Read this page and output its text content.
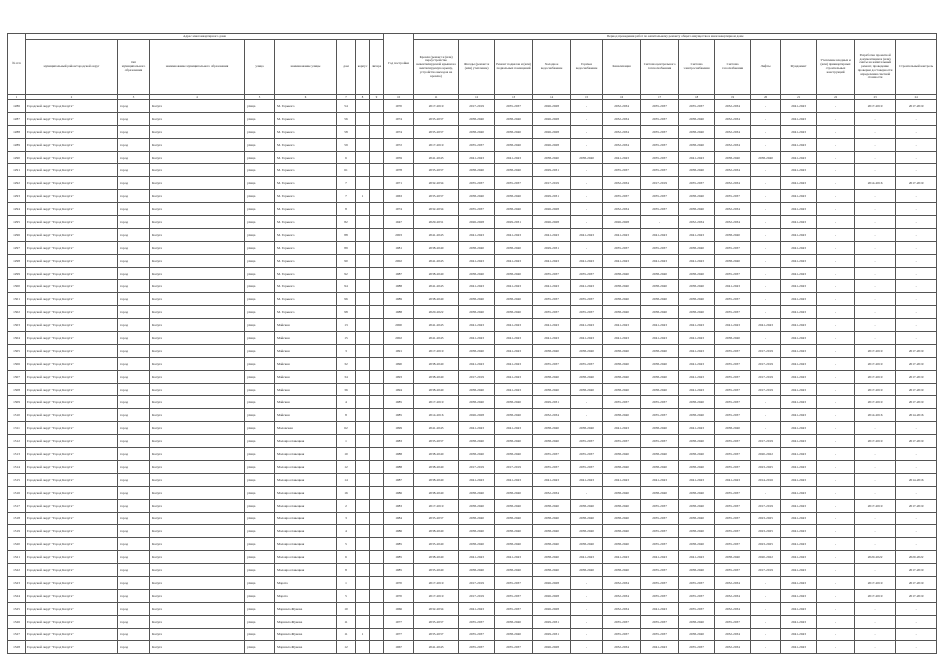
№ п/п	Адрес многоквартирного дома								Год постройки	Период проведения работ по капитальному ремонту общего имущества в многоквартирном доме													
	муниципальный район/городской округ	тип муниципального образования	наименование муниципального образования	улица	наименование улицы	дом	корпус	литера		Кровля (ремонт и (или) переустройство невентилируемой крыши на вентилируемую крышу, устройство выходов на кровлю)	Фасады (ремонт и (или) утепление)	Ремонт подвалов и (или) подвальных помещений	Холодное водоснабжение	Горячее водоснабжение	Канализация	Система центрального теплоснабжения	Система электроснабжения	Система газоснабжения	Лифты	Фундамент	Утепление входных и (или) приквартирных строительных конструкций	Разработка проектной документации и (или) сметы на капитальный ремонт, проведение проверки достоверности определения сметной стоимости	Строительный контроль
1	2	3	4	5	6	7	8	9	10	11	12	13	14	15	16	17	18	19	20	21	22	23	24
1286	Городской округ "Город Калуга"	город	Калуга	улица	М. Горького	54			1970	2017-2019	2017-2019	2035-2037	2026-2028	-	2032-2034	2035-2037	2035-2037	2032-2034	-	2041-2043	-	2017-2019	2017-2019
1287	Городской округ "Город Калуга"	город	Калуга	улица	М. Горького	56			1974	2035-2037	2038-2040	2038-2040	2026-2028	-	2032-2034	2035-2037	2038-2040	2032-2034	-	2041-2043	-	-	-
1288	Городской округ "Город Калуга"	город	Калуга	улица	М. Горького	58			1974	2035-2037	2038-2040	2038-2040	2026-2028	-	2032-2034	2035-2037	2038-2040	2032-2034	-	2041-2043	-	-	-
1289	Городской округ "Город Калуга"	город	Калуга	улица	М. Горького	59			1972	2017-2019	2035-2037	2038-2040	2026-2028	-	2032-2034	2035-2037	2038-2040	2032-2034	-	2041-2043	-	-	-
1290	Городской округ "Город Калуга"	город	Калуга	улица	М. Горького	6			1959	2041-2043	2041-2043	2041-2043	2038-2040	2038-2040	2041-2043	2035-2037	2041-2043	2038-2040	2038-2040	2041-2043	-	-	-
1291	Городской округ "Город Калуга"	город	Калуга	улица	М. Горького	61			1978	2035-2037	2038-2040	2038-2040	2029-2031	-	2035-2037	2035-2037	2038-2040	2032-2034	-	2041-2043	-	-	-
1292	Городской округ "Город Калуга"	город	Калуга	улица	М. Горького	7			1971	2032-2034	2035-2037	2035-2037	2017-2019	-	2032-2034	2017-2019	2035-2037	2032-2034	-	2041-2043	-	2014-2016	2017-2019
1293	Городской округ "Город Калуга"	город	Калуга	улица	М. Горького	7	1		1963	2035-2037	2038-2040	2038-2040	2029-2031	-	2035-2037	2035-2037	2038-2040	2035-2037	-	2041-2043	-	-	-
1294	Городской округ "Город Калуга"	город	Калуга	улица	М. Горького	8			1974	2032-2034	2035-2037	2038-2040	2026-2028	-	2032-2034	2035-2037	2038-2040	2032-2034	-	2041-2043	-	-	-
1295	Городской округ "Город Калуга"	город	Калуга	улица	М. Горького	82			1947	2029-2031	2026-2028	2029-2031	2026-2028	-	2026-2028	-	2032-2034	2032-2034	-	2041-2043	-	-	-
1296	Городской округ "Город Калуга"	город	Калуга	улица	М. Горького	88			2003	2041-2043	2041-2043	2041-2043	2041-2043	2041-2043	2041-2043	2041-2043	2041-2043	2038-2040	-	2041-2043	-	-	-
1297	Городской округ "Город Калуга"	город	Калуга	улица	М. Горького	89			1981	2038-2040	2038-2040	2038-2040	2029-2031	-	2035-2037	2035-2037	2038-2040	2035-2037	-	2041-2043	-	-	-
1298	Городской округ "Город Калуга"	город	Калуга	улица	М. Горького	90			2002	2041-2043	2041-2043	2041-2043	2041-2043	2041-2043	2041-2043	2041-2043	2041-2043	2038-2040	-	2041-2043	-	-	-
1299	Городской округ "Город Калуга"	город	Калуга	улица	М. Горького	92			1987	2038-2040	2038-2040	2038-2040	2035-2037	2035-2037	2038-2040	2038-2040	2038-2040	2035-2037	-	2041-2043	-	-	-
1300	Городской округ "Город Калуга"	город	Калуга	улица	М. Горького	94			1988	2041-2043	2041-2043	2041-2043	2041-2043	2041-2043	2038-2040	2038-2040	2038-2040	2041-2043	-	2041-2043	-	-	-
1301	Городской округ "Город Калуга"	город	Калуга	улица	М. Горького	96			1989	2038-2040	2038-2040	2038-2040	2035-2037	2035-2037	2038-2040	2038-2040	2038-2040	2035-2037	-	2041-2043	-	-	-
1302	Городской округ "Город Калуга"	город	Калуга	улица	М. Горького	98			1988	2020-2022	2038-2040	2038-2040	2035-2037	2035-2037	2038-2040	2038-2040	2038-2040	2035-2037	-	2041-2043	-	-	-
1303	Городской округ "Город Калуга"	город	Калуга	улица	Майская	13			2000	2041-2043	2041-2043	2041-2043	2041-2043	2041-2043	2041-2043	2041-2043	2041-2043	2041-2043	2041-2043	2041-2043	-	-	-
1304	Городской округ "Город Калуга"	город	Калуга	улица	Майская	15			2002	2041-2043	2041-2043	2041-2043	2041-2043	2041-2043	2041-2043	2041-2043	2041-2043	2038-2040	-	2041-2043	-	-	-
1305	Городской округ "Город Калуга"	город	Калуга	улица	Майская	3			1991	2017-2019	2038-2040	2041-2043	2038-2040	2038-2040	2038-2040	2038-2040	2041-2043	2035-2037	2017-2019	2041-2043	-	2017-2019	2017-2019
1306	Городской округ "Город Калуга"	город	Калуга	улица	Майская	32			1990	2038-2040	2041-2043	2041-2043	2035-2037	2035-2037	2038-2040	2038-2040	2041-2043	2035-2037	2017-2019	2041-2043	-	2017-2019	2017-2019
1307	Городской округ "Город Калуга"	город	Калуга	улица	Майская	34			1993	2038-2040	2017-2019	2041-2043	2038-2040	2038-2040	2038-2040	2038-2040	2041-2043	2035-2037	2017-2019	2041-2043	-	2017-2019	2017-2019
1308	Городской округ "Город Калуга"	город	Калуга	улица	Майская	36			1994	2038-2040	2038-2040	2041-2043	2038-2040	2038-2040	2038-2040	2038-2040	2041-2043	2035-2037	2017-2019	2041-2043	-	2017-2019	2017-2019
1309	Городской округ "Город Калуга"	город	Калуга	улица	Майская	4			1985	2017-2019	2038-2040	2038-2040	2029-2031	-	2035-2037	2035-2037	2038-2040	2035-2037	-	2041-2043	-	2017-2019	2017-2019
1310	Городской округ "Город Калуга"	город	Калуга	улица	Майская	8			1985	2014-2016	2026-2028	2038-2040	2032-2034	-	2038-2040	2035-2037	2038-2040	2035-2037	-	2041-2043	-	2014-2016	2014-2016
1311	Городской округ "Город Калуга"	город	Калуга	улица	Маловская	62			1999	2041-2043	2041-2043	2041-2043	2038-2040	2038-2040	2041-2043	2038-2040	2041-2043	2038-2040	-	2041-2043	-	-	-
1312	Городской округ "Город Калуга"	город	Калуга	улица	Малоярославецкая	1			1983	2035-2037	2038-2040	2038-2040	2038-2040	2035-2037	2035-2037	2035-2037	2038-2040	2035-2037	2017-2019	2041-2043	-	2017-2019	2017-2019
1313	Городской округ "Город Калуга"	город	Калуга	улица	Малоярославецкая	10			1988	2038-2040	2038-2040	2038-2040	2035-2037	2035-2037	2038-2040	2038-2040	2038-2040	2035-2037	2020-2022	2041-2043	-	-	-
1314	Городской округ "Город Калуга"	город	Калуга	улица	Малоярославецкая	12			1988	2038-2040	2017-2019	2017-2019	2035-2037	2035-2037	2038-2040	2038-2040	2038-2040	2035-2037	2023-2025	2041-2043	-	-	-
1315	Городской округ "Город Калуга"	город	Калуга	улица	Малоярославецкая	14			1987	2038-2040	2041-2043	2041-2043	2041-2043	2041-2043	2041-2043	2041-2043	2041-2043	2041-2043	2014-2016	2041-2043	-	-	2014-2016
1316	Городской округ "Город Калуга"	город	Калуга	улица	Малоярославецкая	16			1986	2038-2040	2038-2040	2038-2040	2032-2034	-	2038-2040	2038-2040	2038-2040	2035-2037	-	2041-2043	-	-	-
1317	Городской округ "Город Калуга"	город	Калуга	улица	Малоярославецкая	2			1983	2017-2019	2038-2040	2038-2040	2038-2040	2038-2040	2038-2040	2035-2037	2038-2040	2035-2037	2017-2019	2041-2043	-	2017-2019	2017-2019
1318	Городской округ "Город Калуга"	город	Калуга	улица	Малоярославецкая	3			1984	2035-2037	2038-2040	2038-2040	2038-2040	2038-2040	2038-2040	2035-2037	2038-2040	2035-2037	2023-2025	2041-2043	-	-	-
1319	Городской округ "Город Калуга"	город	Калуга	улица	Малоярославецкая	4			1986	2038-2040	2038-2040	2038-2040	2038-2040	2038-2040	2038-2040	2035-2037	2038-2040	2035-2037	2023-2025	2041-2043	-	-	-
1320	Городской округ "Город Калуга"	город	Калуга	улица	Малоярославецкая	5			1985	2035-2040	2038-2040	2038-2040	2038-2040	2038-2040	2038-2040	2035-2037	2038-2040	2035-2037	2023-2025	2041-2043	-	-	-
1321	Городской округ "Город Калуга"	город	Калуга	улица	Малоярославецкая	6			1985	2038-2040	2041-2043	2041-2043	2038-2040	2041-2043	2041-2043	2041-2043	2041-2043	2038-2040	2020-2022	2041-2043	-	2020-2022	2020-2022
1322	Городской округ "Город Калуга"	город	Калуга	улица	Малоярославецкая	8			1985	2035-2040	2038-2040	2038-2040	2038-2040	2038-2040	2038-2040	2035-2037	2038-2040	2035-2037	2017-2019	2041-2043	-	-	2017-2019
1323	Городской округ "Город Калуга"	город	Калуга	улица	Марата	1			1970	2017-2019	2017-2019	2035-2037	2026-2028	-	2032-2034	2035-2037	2035-2037	2032-2034	-	2041-2043	-	2017-2019	2017-2019
1324	Городской округ "Город Калуга"	город	Калуга	улица	Марата	5			1970	2017-2019	2017-2019	2035-2037	2026-2028	-	2032-2034	2035-2037	2035-2037	2032-2034	-	2041-2043	-	2017-2019	2017-2019
1325	Городской округ "Город Калуга"	город	Калуга	улица	Маршала Жукова	10			1966	2032-2034	2041-2043	2035-2037	2026-2028	-	2032-2034	2041-2043	2035-2037	2032-2034	-	2041-2043	-	-	-
1326	Городской округ "Город Калуга"	город	Калуга	улица	Маршала Жукова	11			1977	2035-2037	2035-2037	2038-2040	2029-2031	-	2035-2037	2035-2037	2038-2040	2035-2037	-	2041-2043	-	-	-
1327	Городской округ "Город Калуга"	город	Калуга	улица	Маршала Жукова	11	1		1977	2035-2037	2035-2037	2038-2040	2029-2031	-	2035-2037	2035-2037	2038-2040	2032-2034	-	2041-2043	-	-	-
1328	Городской округ "Город Калуга"	город	Калуга	улица	Маршала Жукова	12			1967	2041-2043	2035-2037	2035-2037	2026-2028	-	2032-2034	2041-2043	2035-2037	2032-2034	-	2041-2043	-	-	-
